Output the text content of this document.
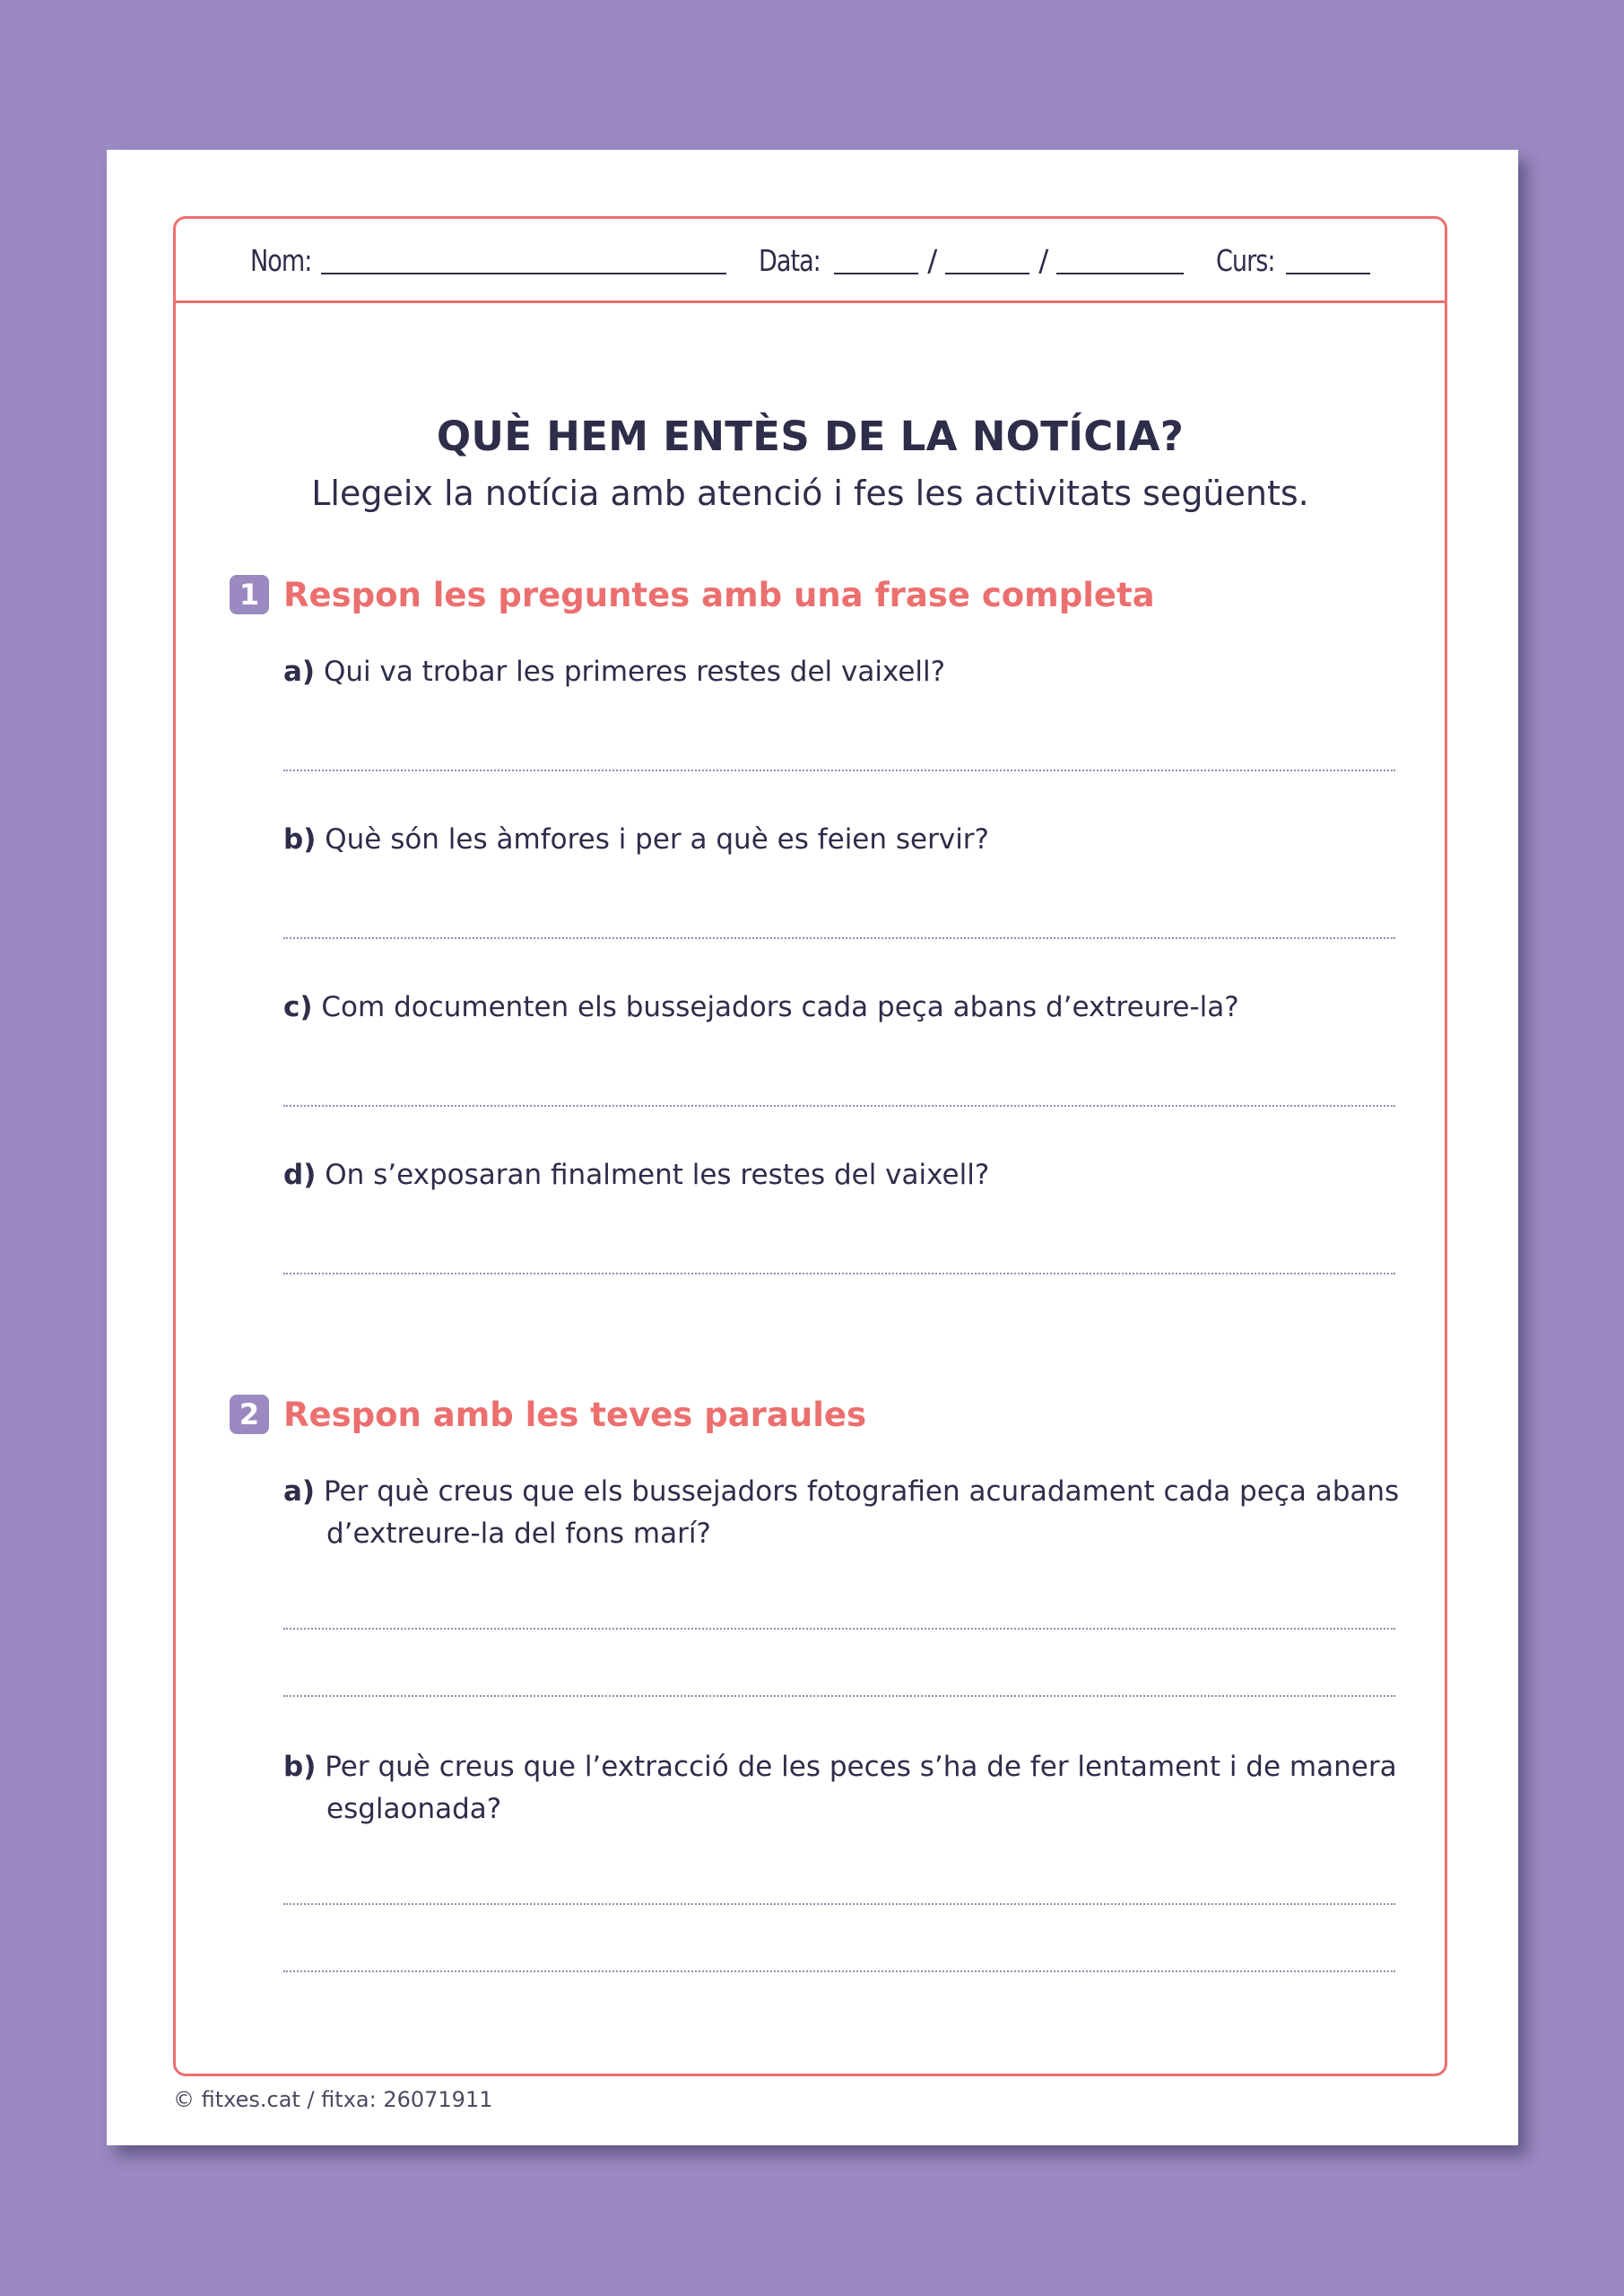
Nom:	Data:	/	/	Curs:
QUÈ HEM ENTÈS DE LA NOTÍCIA?
Llegeix la notícia amb atenció i fes les activitats següents.
1 Respon les preguntes amb una frase completa
a) Qui va trobar les primeres restes del vaixell?
b) Què són les àmfores i per a què es feien servir?
c) Com documenten els bussejadors cada peça abans d’extreure-la?
d) On s’exposaran finalment les restes del vaixell?
2 Respon amb les teves paraules
a) Per què creus que els bussejadors fotografien acuradament cada peça abans d’extreure-la del fons marí?
b) Per què creus que l’extracció de les peces s’ha de fer lentament i de manera esglaonada?
© fitxes.cat / fitxa: 26071911
